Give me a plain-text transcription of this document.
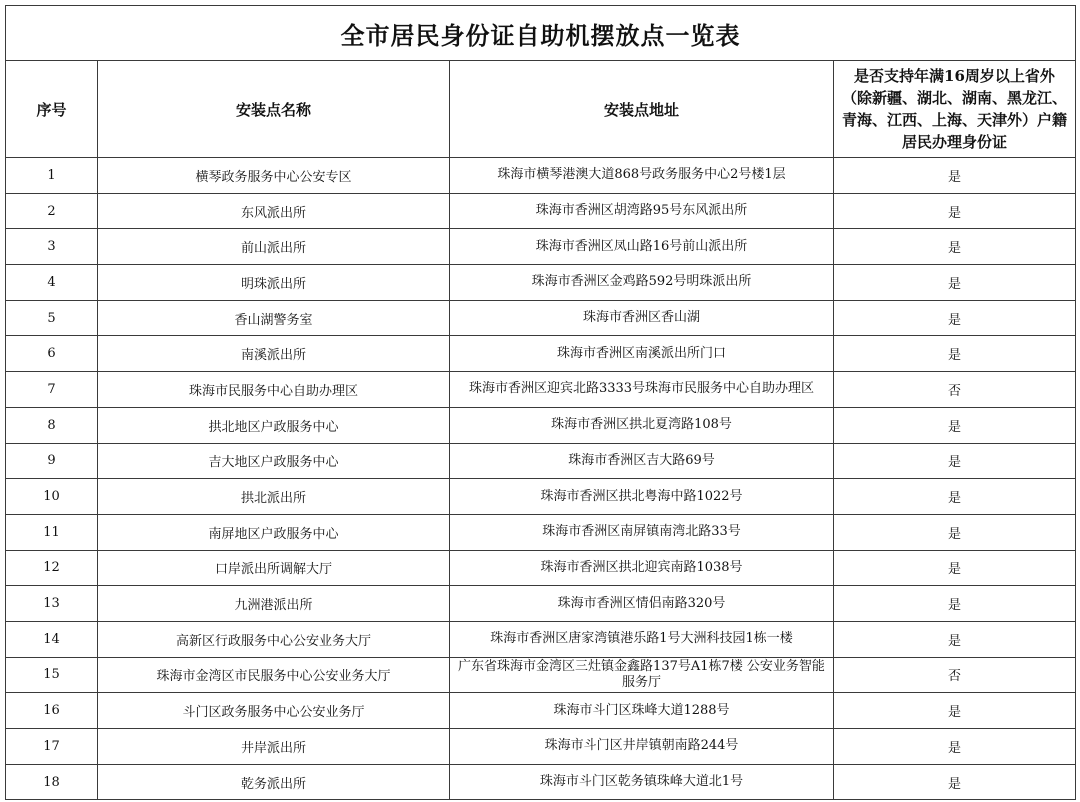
全市居民身份证自助机摆放点一览表			
序号	安装点名称	安装点地址	是否支持年满16周岁以上省外（除新疆、湖北、湖南、黑龙江、青海、江西、上海、天津外）户籍居民办理身份证
1	横琴政务服务中心公安专区	珠海市横琴港澳大道868号政务服务中心2号楼1层	是
2	东风派出所	珠海市香洲区胡湾路95号东风派出所	是
3	前山派出所	珠海市香洲区凤山路16号前山派出所	是
4	明珠派出所	珠海市香洲区金鸡路592号明珠派出所	是
5	香山湖警务室	珠海市香洲区香山湖	是
6	南溪派出所	珠海市香洲区南溪派出所门口	是
7	珠海市民服务中心自助办理区	珠海市香洲区迎宾北路3333号珠海市民服务中心自助办理区	否
8	拱北地区户政服务中心	珠海市香洲区拱北夏湾路108号	是
9	吉大地区户政服务中心	珠海市香洲区吉大路69号	是
10	拱北派出所	珠海市香洲区拱北粤海中路1022号	是
11	南屏地区户政服务中心	珠海市香洲区南屏镇南湾北路33号	是
12	口岸派出所调解大厅	珠海市香洲区拱北迎宾南路1038号	是
13	九洲港派出所	珠海市香洲区情侣南路320号	是
14	高新区行政服务中心公安业务大厅	珠海市香洲区唐家湾镇港乐路1号大洲科技园1栋一楼	是
15	珠海市金湾区市民服务中心公安业务大厅	广东省珠海市金湾区三灶镇金鑫路137号A1栋7楼 公安业务智能服务厅	否
16	斗门区政务服务中心公安业务厅	珠海市斗门区珠峰大道1288号	是
17	井岸派出所	珠海市斗门区井岸镇朝南路244号	是
18	乾务派出所	珠海市斗门区乾务镇珠峰大道北1号	是
